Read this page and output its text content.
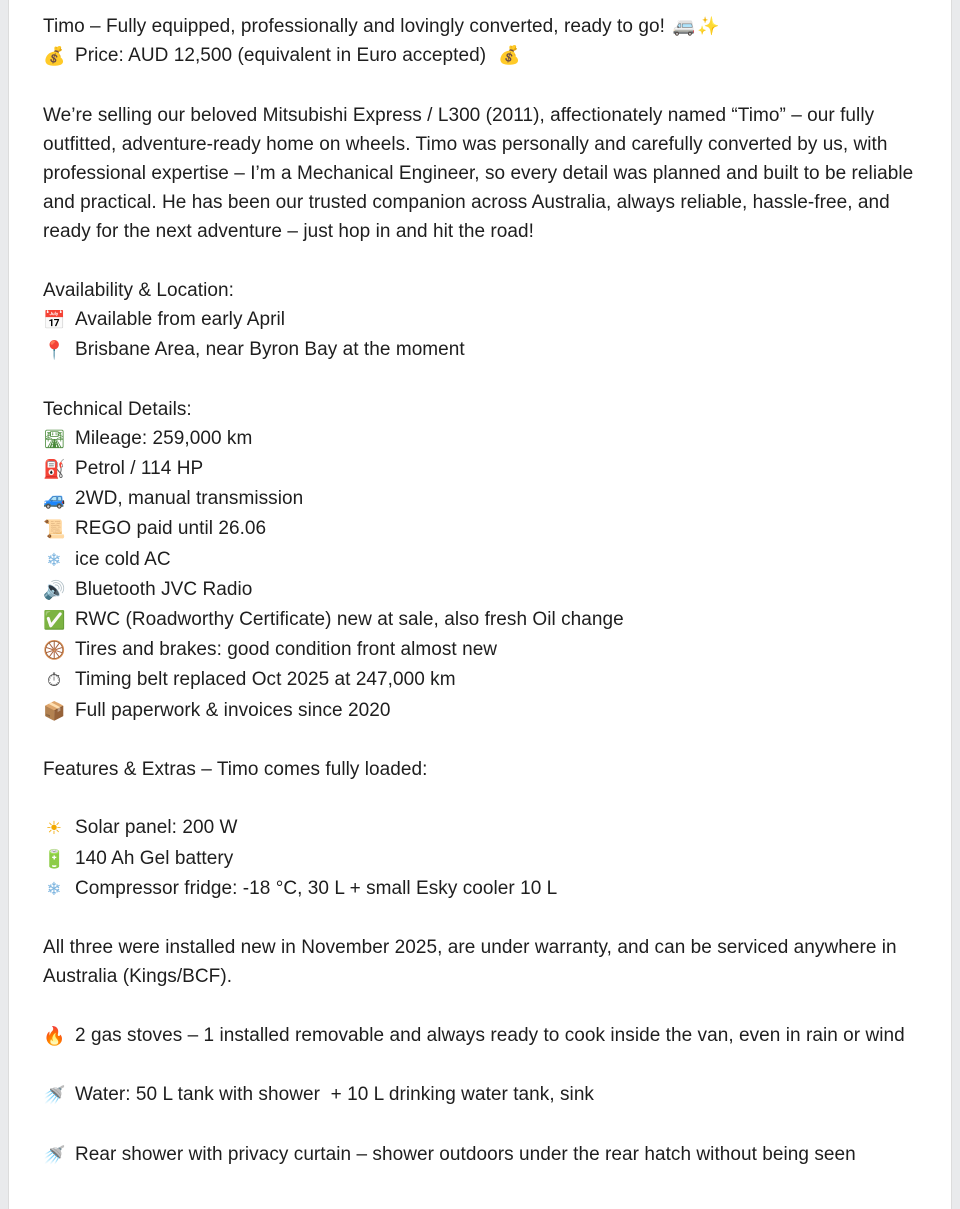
Timo – Fully equipped, professionally and lovingly converted, ready to go! 🚐 ✨
💰 Price: AUD 12,500 (equivalent in Euro accepted) 💰
We’re selling our beloved Mitsubishi Express / L300 (2011), affectionately named “Timo” – our fully outfitted, adventure-ready home on wheels. Timo was personally and carefully converted by us, with professional expertise – I’m a Mechanical Engineer, so every detail was planned and built to be reliable and practical. He has been our trusted companion across Australia, always reliable, hassle-free, and ready for the next adventure – just hop in and hit the road!
Availability & Location:
📅 Available from early April
📍 Brisbane Area, near Byron Bay at the moment
Technical Details:
🛣 Mileage: 259,000 km
⛽ Petrol / 114 HP
🚙 2WD, manual transmission
📜 REGO paid until 26.06
❄ ice cold AC
🔊 Bluetooth JVC Radio
✅ RWC (Roadworthy Certificate) new at sale, also fresh Oil change
🛞 Tires and brakes: good condition front almost new
⏱ Timing belt replaced Oct 2025 at 247,000 km
📦 Full paperwork & invoices since 2020
Features & Extras – Timo comes fully loaded:
☀ Solar panel: 200 W
🔋 140 Ah Gel battery
❄ Compressor fridge: -18 °C, 30 L + small Esky cooler 10 L
All three were installed new in November 2025, are under warranty, and can be serviced anywhere in Australia (Kings/BCF).
🔥 2 gas stoves – 1 installed removable and always ready to cook inside the van, even in rain or wind
🚿 Water: 50 L tank with shower  + 10 L drinking water tank, sink
🚿 Rear shower with privacy curtain – shower outdoors under the rear hatch without being seen
